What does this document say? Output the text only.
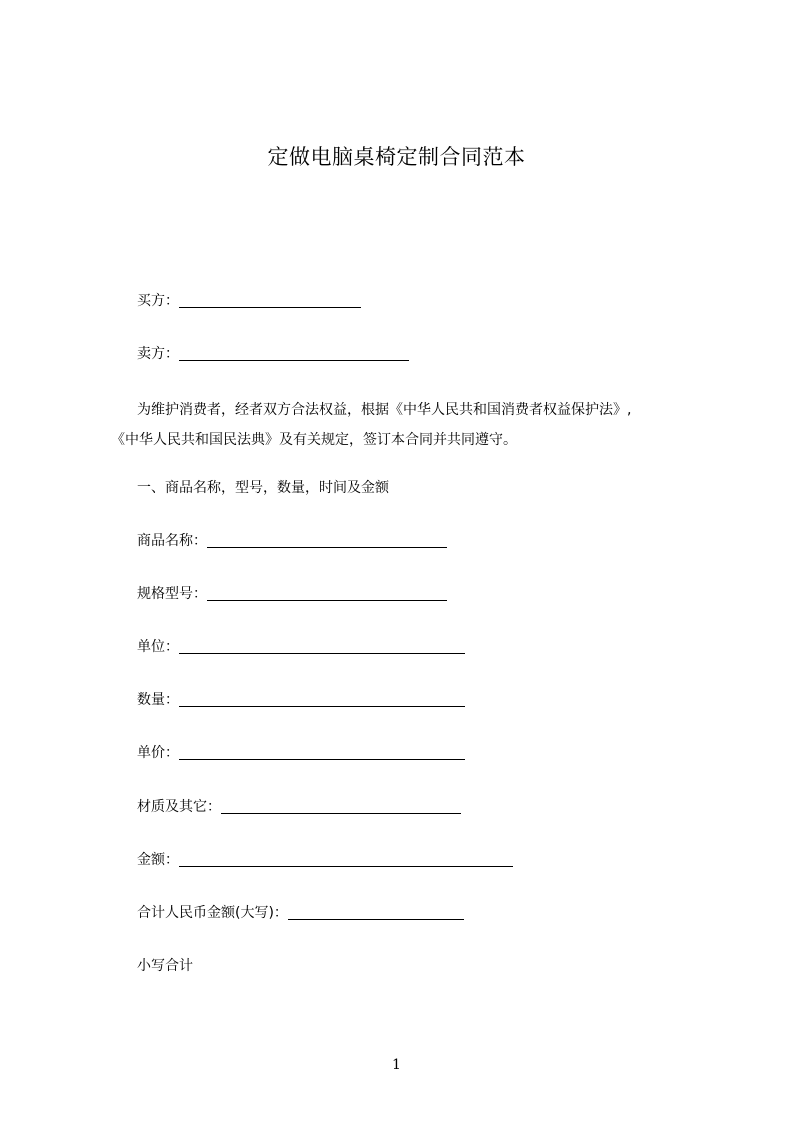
定做电脑桌椅定制合同范本
买方：
卖方：
为维护消费者，经者双方合法权益，根据《中华人民共和国消费者权益保护法》,
《中华人民共和国民法典》及有关规定，签订本合同并共同遵守。
一、商品名称，型号，数量，时间及金额
商品名称：
规格型号：
单位：
数量：
单价：
材质及其它：
金额：
合计人民币金额(大写)：
小写合计
1
